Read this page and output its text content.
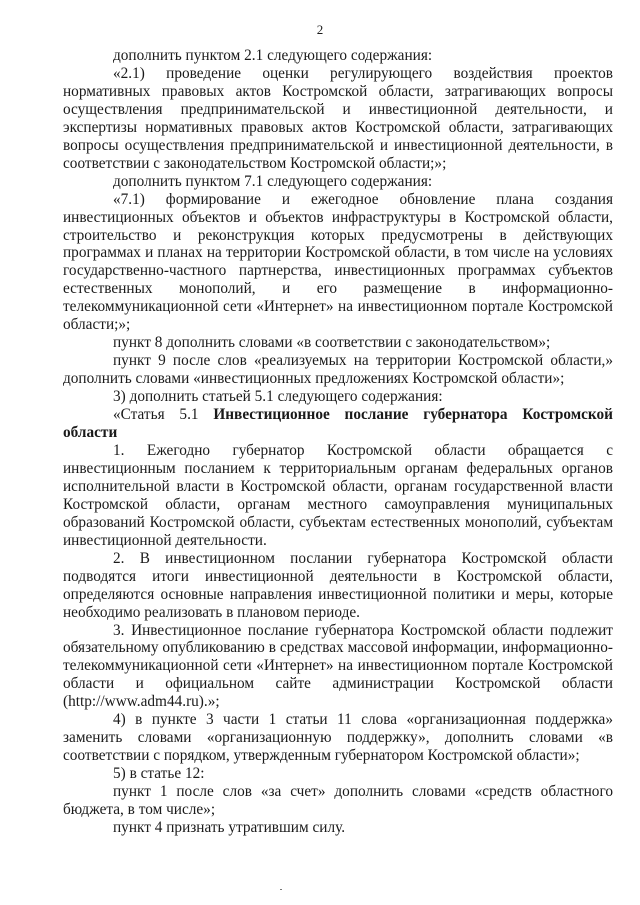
2

дополнить пунктом 2.1 следующего содержания:

«2.1) проведение оценки регулирующего воздействия проектов нормативных правовых актов Костромской области, затрагивающих вопросы осуществления предпринимательской и инвестиционной деятельности, и экспертизы нормативных правовых актов Костромской области, затрагивающих вопросы осуществления предпринимательской и инвестиционной деятельности, в соответствии с законодательством Костромской области;»;

дополнить пунктом 7.1 следующего содержания:

«7.1) формирование и ежегодное обновление плана создания инвестиционных объектов и объектов инфраструктуры в Костромской области, строительство и реконструкция которых предусмотрены в действующих программах и планах на территории Костромской области, в том числе на условиях государственно-частного партнерства, инвестиционных программах субъектов естественных монополий, и его размещение в информационно-телекоммуникационной сети «Интернет» на инвестиционном портале Костромской области;»;

пункт 8 дополнить словами «в соответствии с законодательством»;

пункт 9 после слов «реализуемых на территории Костромской области,» дополнить словами «инвестиционных предложениях Костромской области»;

3) дополнить статьей 5.1 следующего содержания:

«Статья 5.1 Инвестиционное послание губернатора Костромской области

1. Ежегодно губернатор Костромской области обращается с инвестиционным посланием к территориальным органам федеральных органов исполнительной власти в Костромской области, органам государственной власти Костромской области, органам местного самоуправления муниципальных образований Костромской области, субъектам естественных монополий, субъектам инвестиционной деятельности.

2. В инвестиционном послании губернатора Костромской области подводятся итоги инвестиционной деятельности в Костромской области, определяются основные направления инвестиционной политики и меры, которые необходимо реализовать в плановом периоде.

3. Инвестиционное послание губернатора Костромской области подлежит обязательному опубликованию в средствах массовой информации, информационно-телекоммуникационной сети «Интернет» на инвестиционном портале Костромской области и официальном сайте администрации Костромской области (http://www.adm44.ru).»;

4) в пункте 3 части 1 статьи 11 слова «организационная поддержка» заменить словами «организационную поддержку», дополнить словами «в соответствии с порядком, утвержденным губернатором Костромской области»;

5) в статье 12:

пункт 1 после слов «за счет» дополнить словами «средств областного бюджета, в том числе»;

пункт 4 признать утратившим силу.
